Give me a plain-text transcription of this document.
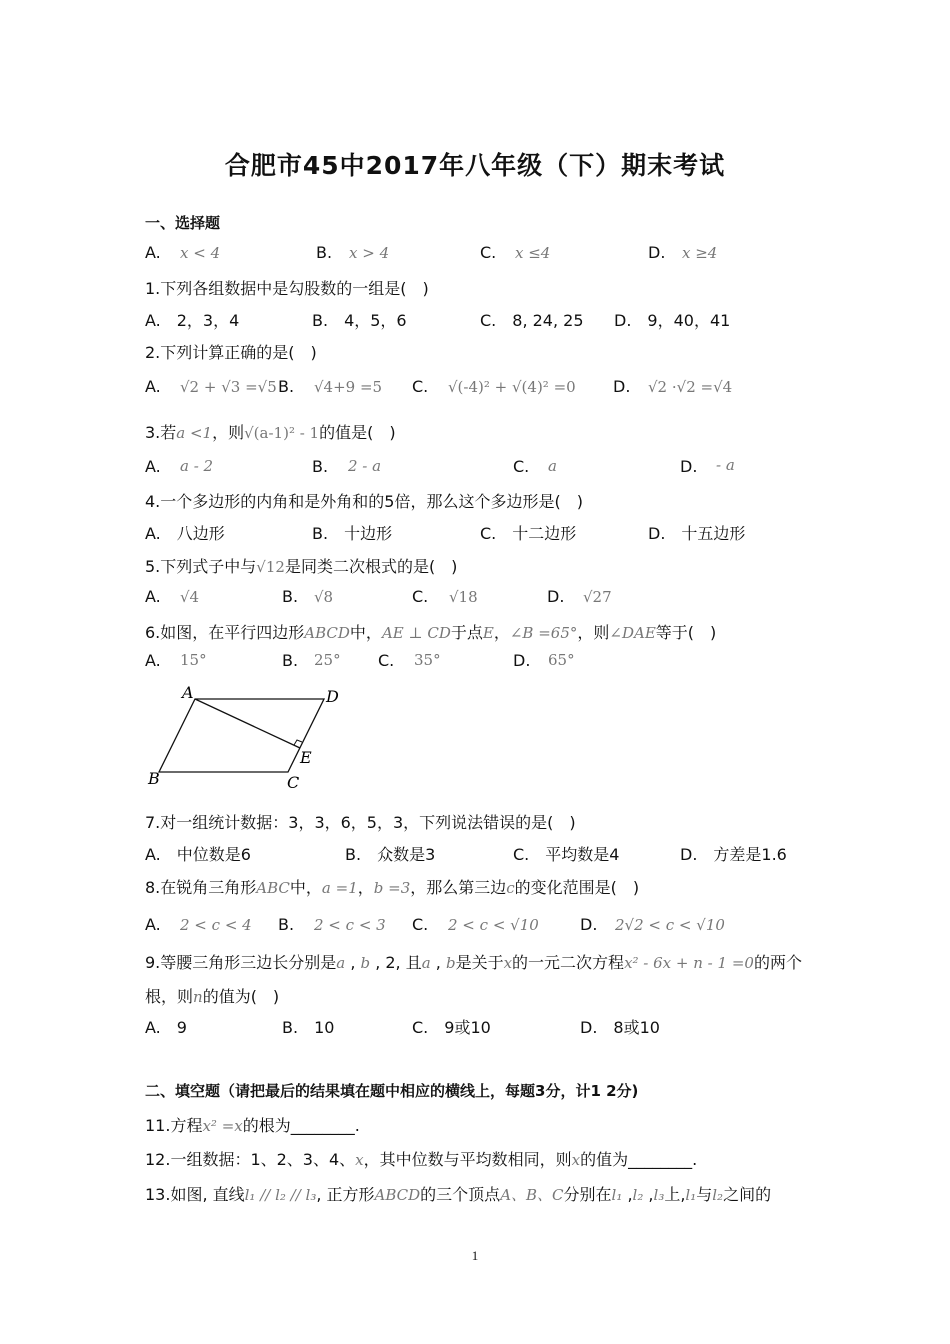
合肥市45中2017年八年级（下）期末考试
一、选择题
A. x < 4	B. x > 4	C. x ≤4	D. x ≥4
1.下列各组数据中是勾股数的一组是(　)
A.　2，3，4	B.　4，5，6	C.　8, 24, 25 D.　9，40，41
2.下列计算正确的是(　)
A. √2 + √3 =√5 B. √4+9 =5 C. √(-4)² + √(4)² =0 D. √2 ·√2 =√4
3.若a <1，则√(a-1)² - 1的值是(　)
A. a - 2	B. 2 - a	C. a	D. - a
4.一个多边形的内角和是外角和的5倍，那么这个多边形是(　)
A.　八边形	B.　十边形	C.　十二边形	D.　十五边形
5.下列式子中与√12是同类二次根式的是(　)
A. √4	B. √8	C. √18	D. √27
6.如图，在平行四边形ABCD中，AE ⊥ CD于点E，∠B =65°，则∠DAE等于(　)
A. 15°	B. 25° C. 35°	D. 65°
A	D
B	C
E
7.对一组统计数据：3，3，6，5，3，下列说法错误的是(　)
A.　中位数是6	B.　众数是3	C.　平均数是4	D.　方差是1.6
8.在锐角三角形ABC中，a =1，b =3，那么第三边c的变化范围是(　)
A. 2 < c < 4 B. 2 < c < 3 C. 2 < c < √10	D. 2√2 < c < √10
9.等腰三角形三边长分别是a , b , 2, 且a , b是关于x的一元二次方程x² - 6x + n - 1 =0的两个
根，则n的值为(　)
A.　9	B.　10	C.　9或10	D.　8或10
二、填空题（请把最后的结果填在题中相应的横线上，每题3分，计1 2分)
11.方程x² =x的根为________.
12.一组数据：1、2、3、4、x，其中位数与平均数相同，则x的值为________.
13.如图, 直线l₁ // l₂ // l₃, 正方形ABCD的三个顶点A、B、C分别在l₁ ,l₂ ,l₃上,l₁与l₂之间的
1
